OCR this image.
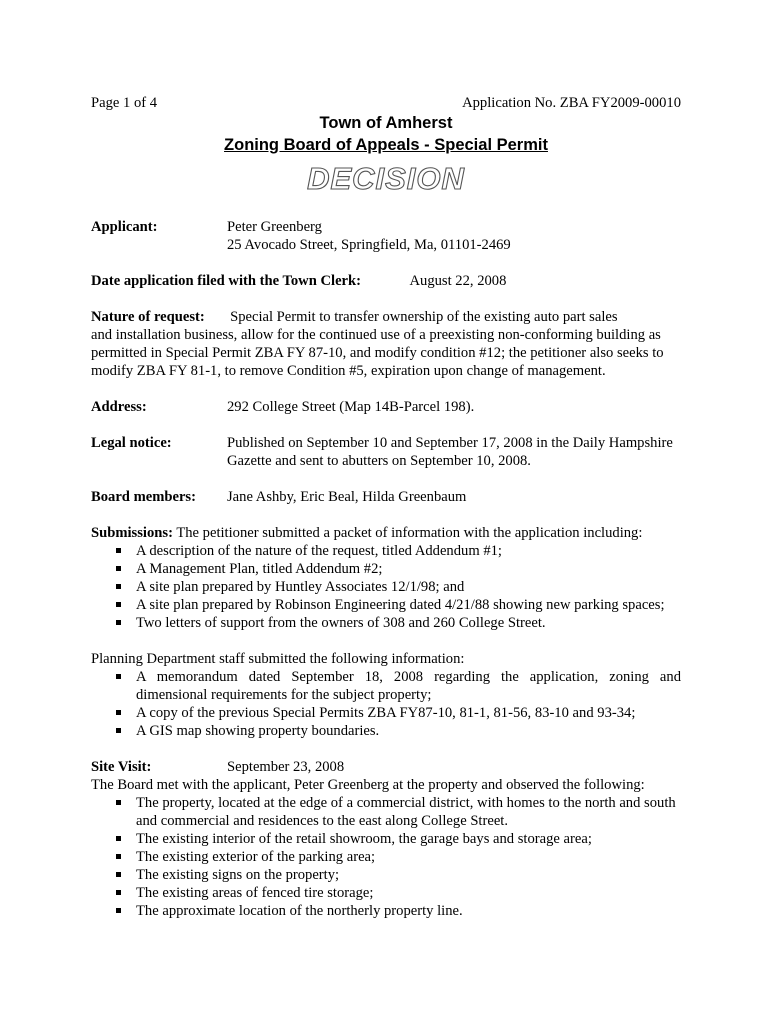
Page 1 of 4	Application No. ZBA FY2009-00010
Town of Amherst
Zoning Board of Appeals - Special Permit
DECISION
Applicant:	Peter Greenberg
25 Avocado Street, Springfield, Ma, 01101-2469
Date application filed with the Town Clerk:	August 22, 2008
Nature of request: Special Permit to transfer ownership of the existing auto part sales
and installation business, allow for the continued use of a preexisting non-conforming building as
permitted in Special Permit ZBA FY 87-10, and modify condition #12; the petitioner also seeks to
modify ZBA FY 81-1, to remove Condition #5, expiration upon change of management.
Address:	292 College Street (Map 14B-Parcel 198).
Legal notice:	Published on September 10 and September 17, 2008 in the Daily Hampshire
Gazette and sent to abutters on September 10, 2008.
Board members:	Jane Ashby, Eric Beal, Hilda Greenbaum
Submissions: The petitioner submitted a packet of information with the application including:
A description of the nature of the request, titled Addendum #1;
A Management Plan, titled Addendum #2;
A site plan prepared by Huntley Associates 12/1/98; and
A site plan prepared by Robinson Engineering dated 4/21/88 showing new parking spaces;
Two letters of support from the owners of 308 and 260 College Street.
Planning Department staff submitted the following information:
A memorandum dated September 18, 2008 regarding the application, zoning and dimensional requirements for the subject property;
A copy of the previous Special Permits ZBA FY87-10, 81-1, 81-56, 83-10 and 93-34;
A GIS map showing property boundaries.
Site Visit:	September 23, 2008
The Board met with the applicant, Peter Greenberg at the property and observed the following:
The property, located at the edge of a commercial district, with homes to the north and south and commercial and residences to the east along College Street.
The existing interior of the retail showroom, the garage bays and storage area;
The existing exterior of the parking area;
The existing signs on the property;
The existing areas of fenced tire storage;
The approximate location of the northerly property line.
